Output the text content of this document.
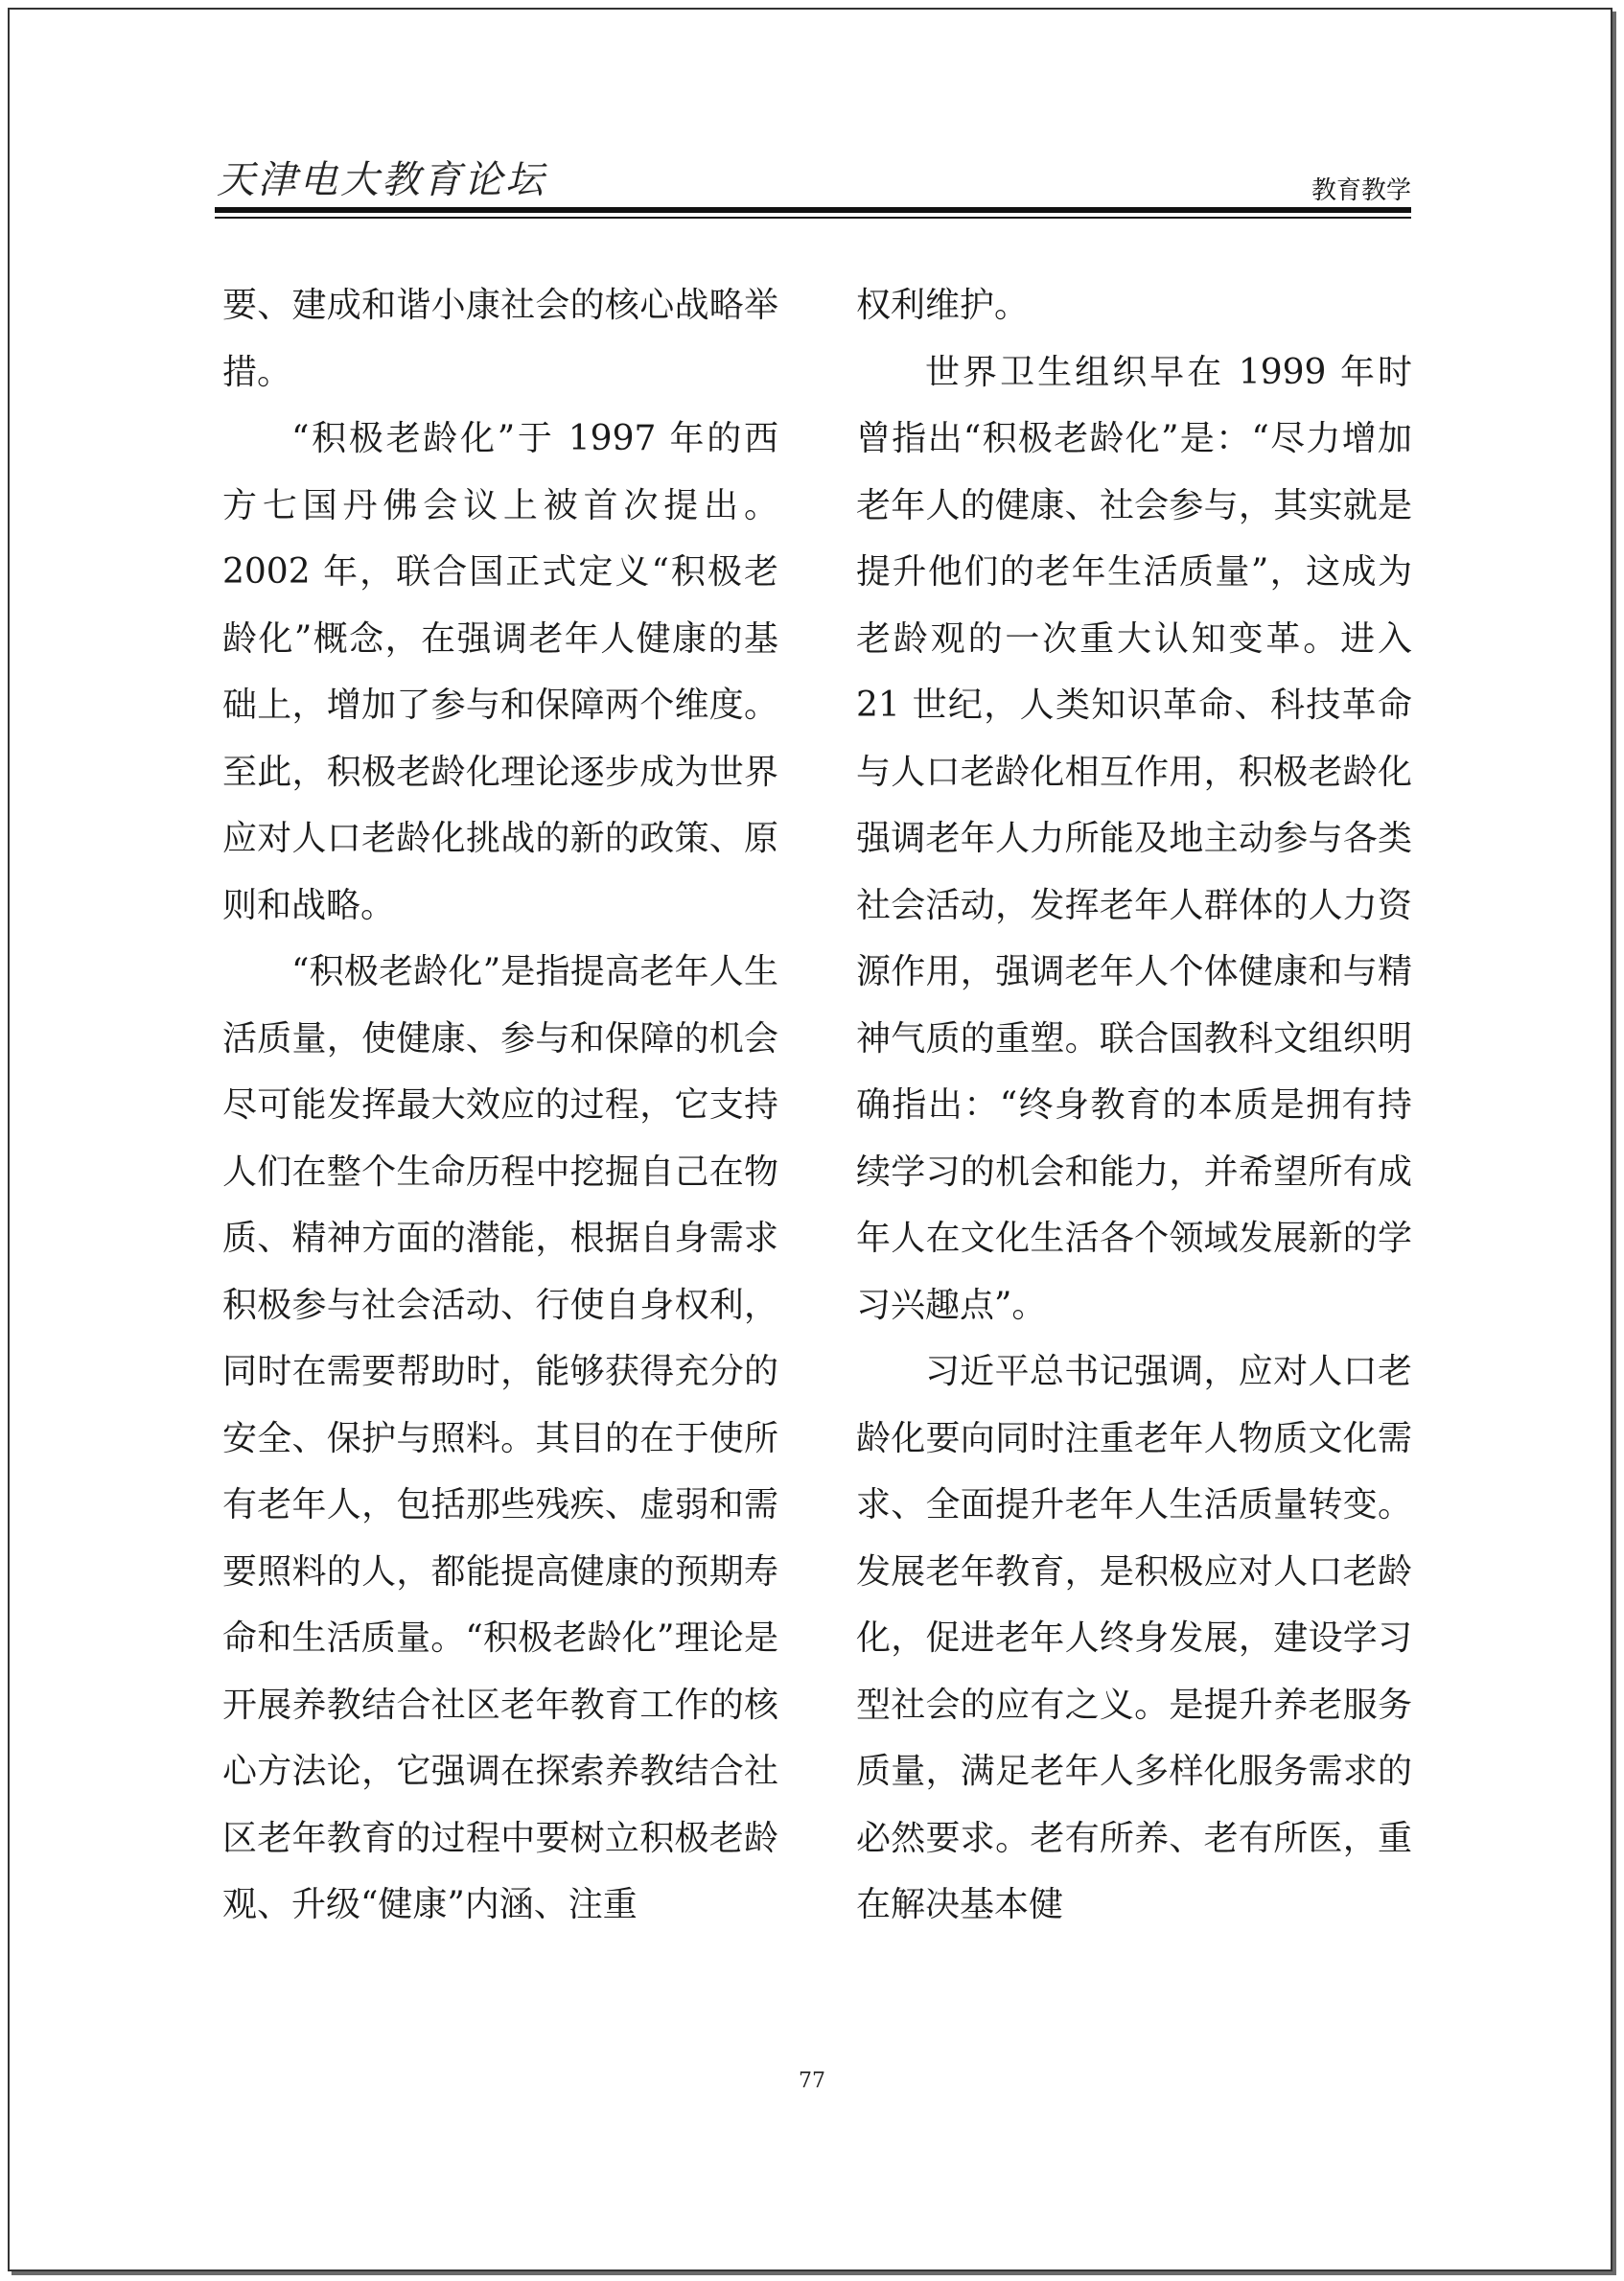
天津电大教育论坛	教育教学

要、建成和谐小康社会的核心战略举措。

“积极老龄化”于 1997 年的西方七国丹佛会议上被首次提出。2002 年，联合国正式定义“积极老龄化”概念，在强调老年人健康的基础上，增加了参与和保障两个维度。至此，积极老龄化理论逐步成为世界应对人口老龄化挑战的新的政策、原则和战略。

“积极老龄化”是指提高老年人生活质量，使健康、参与和保障的机会尽可能发挥最大效应的过程，它支持人们在整个生命历程中挖掘自己在物质、精神方面的潜能，根据自身需求积极参与社会活动、行使自身权利，同时在需要帮助时，能够获得充分的安全、保护与照料。其目的在于使所有老年人，包括那些残疾、虚弱和需要照料的人，都能提高健康的预期寿命和生活质量。“积极老龄化”理论是开展养教结合社区老年教育工作的核心方法论，它强调在探索养教结合社区老年教育的过程中要树立积极老龄观、升级“健康”内涵、注重

权利维护。

世界卫生组织早在 1999 年时曾指出“积极老龄化”是：“尽力增加老年人的健康、社会参与，其实就是提升他们的老年生活质量”，这成为老龄观的一次重大认知变革。进入 21 世纪，人类知识革命、科技革命与人口老龄化相互作用，积极老龄化强调老年人力所能及地主动参与各类社会活动，发挥老年人群体的人力资源作用，强调老年人个体健康和与精神气质的重塑。联合国教科文组织明确指出：“终身教育的本质是拥有持续学习的机会和能力，并希望所有成年人在文化生活各个领域发展新的学习兴趣点”。

习近平总书记强调，应对人口老龄化要向同时注重老年人物质文化需求、全面提升老年人生活质量转变。发展老年教育，是积极应对人口老龄化，促进老年人终身发展，建设学习型社会的应有之义。是提升养老服务质量，满足老年人多样化服务需求的必然要求。老有所养、老有所医，重在解决基本健

77
